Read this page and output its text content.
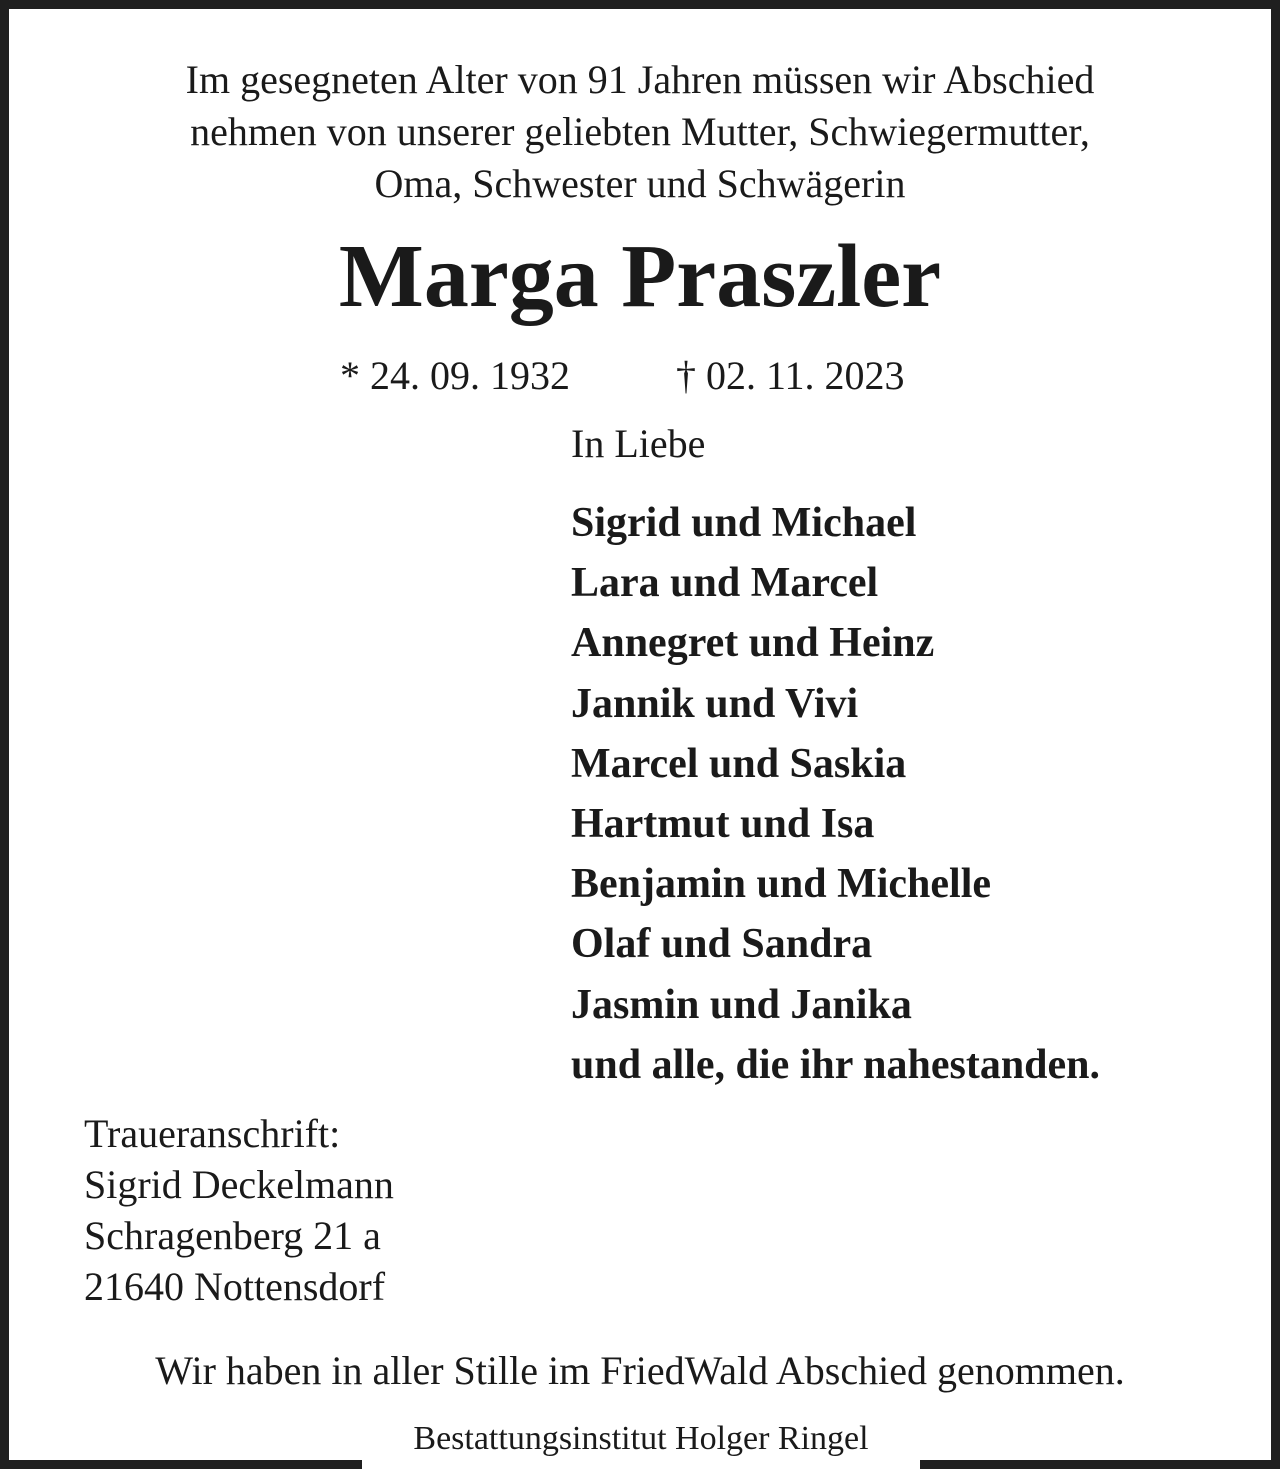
Im gesegneten Alter von 91 Jahren müssen wir Abschied
nehmen von unserer geliebten Mutter, Schwiegermutter,
Oma, Schwester und Schwägerin
Marga Praszler
* 24. 09. 1932	† 02. 11. 2023
In Liebe
Sigrid und Michael
Lara und Marcel
Annegret und Heinz
Jannik und Vivi
Marcel und Saskia
Hartmut und Isa
Benjamin und Michelle
Olaf und Sandra
Jasmin und Janika
und alle, die ihr nahestanden.
Traueranschrift:
Sigrid Deckelmann
Schragenberg 21 a
21640 Nottensdorf
Wir haben in aller Stille im FriedWald Abschied genommen.
Bestattungsinstitut Holger Ringel
